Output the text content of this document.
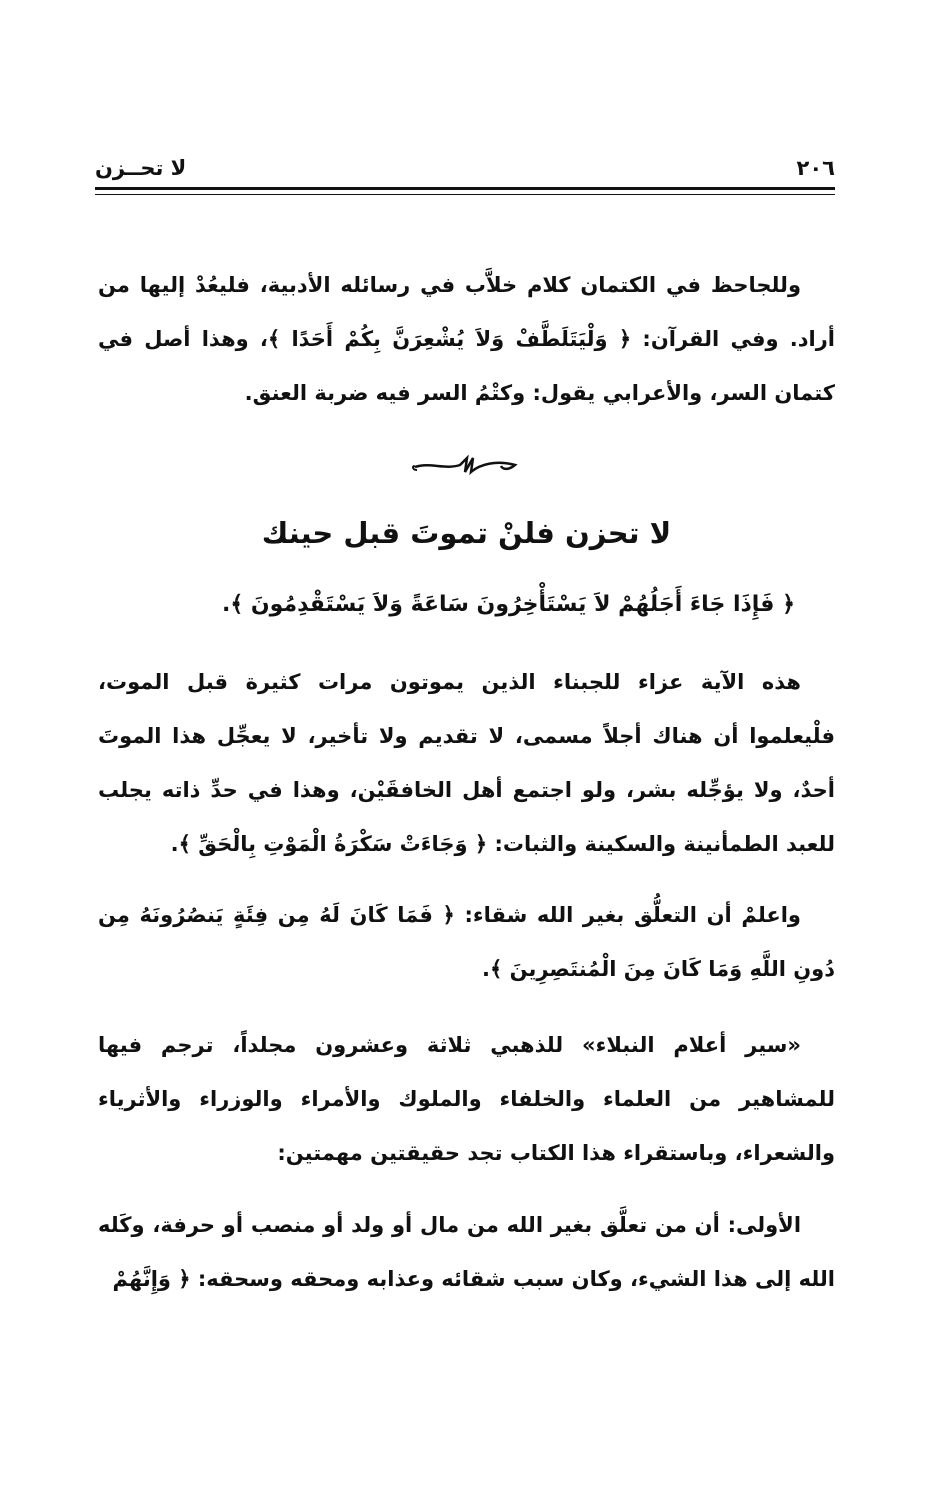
٢٠٦
لا تحــزن
وللجاحظ في الكتمان كلام خلاَّب في رسائله الأدبية، فليعُدْ إليها من أراد. وفي القرآن: ﴿ وَلْيَتَلَطَّفْ وَلاَ يُشْعِرَنَّ بِكُمْ أَحَدًا ﴾، وهذا أصل في كتمان السر، والأعرابي يقول: وكتْمُ السر فيه ضربة العنق.
لا تحزن فلنْ تموتَ قبل حينك
﴿ فَإِذَا جَاءَ أَجَلُهُمْ لاَ يَسْتَأْخِرُونَ سَاعَةً وَلاَ يَسْتَقْدِمُونَ ﴾.
هذه الآية عزاء للجبناء الذين يموتون مرات كثيرة قبل الموت، فلْيعلموا أن هناك أجلاً مسمى، لا تقديم ولا تأخير، لا يعجِّل هذا الموتَ أحدٌ، ولا يؤجِّله بشر، ولو اجتمع أهل الخافقَيْن، وهذا في حدِّ ذاته يجلب للعبد الطمأنينة والسكينة والثبات: ﴿ وَجَاءَتْ سَكْرَةُ الْمَوْتِ بِالْحَقِّ ﴾.
واعلمْ أن التعلُّق بغير الله شقاء: ﴿ فَمَا كَانَ لَهُ مِن فِئَةٍ يَنصُرُونَهُ مِن دُونِ اللَّهِ وَمَا كَانَ مِنَ الْمُنتَصِرِينَ ﴾.
«سير أعلام النبلاء» للذهبي ثلاثة وعشرون مجلداً، ترجم فيها للمشاهير من العلماء والخلفاء والملوك والأمراء والوزراء والأثرياء والشعراء، وباستقراء هذا الكتاب تجد حقيقتين مهمتين:
الأولى: أن من تعلَّق بغير الله من مال أو ولد أو منصب أو حرفة، وكَله الله إلى هذا الشيء، وكان سبب شقائه وعذابه ومحقه وسحقه: ﴿ وَإِنَّهُمْ
